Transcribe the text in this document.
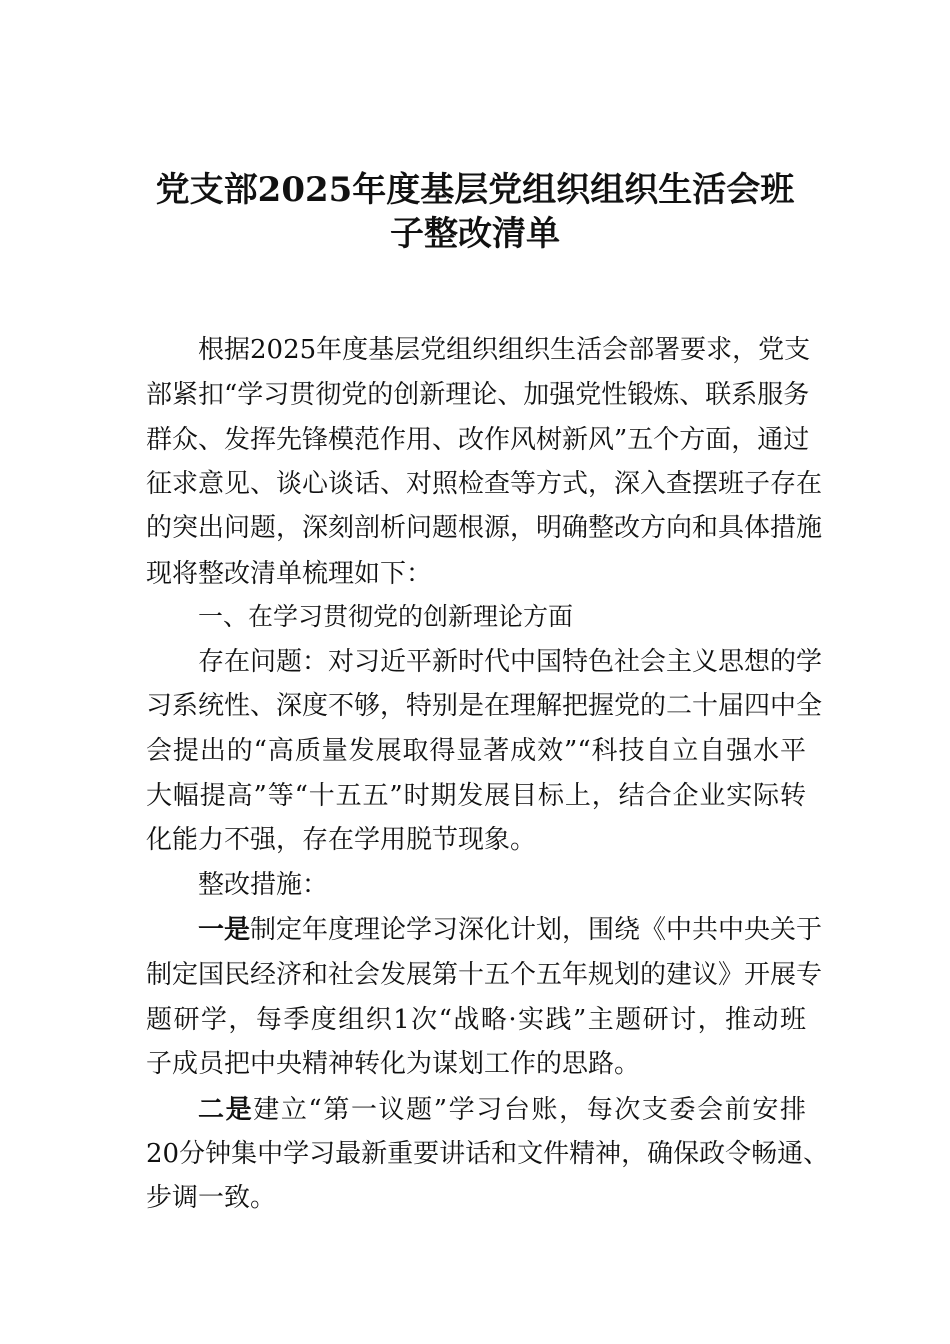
党支部2025年度基层党组织组织生活会班
子整改清单
根据2025年度基层党组织组织生活会部署要求，党支
部紧扣“学习贯彻党的创新理论、加强党性锻炼、联系服务
群众、发挥先锋模范作用、改作风树新风”五个方面，通过
征求意见、谈心谈话、对照检查等方式，深入查摆班子存在
的突出问题，深刻剖析问题根源，明确整改方向和具体措施
现将整改清单梳理如下：
一、在学习贯彻党的创新理论方面
存在问题：对习近平新时代中国特色社会主义思想的学
习系统性、深度不够，特别是在理解把握党的二十届四中全
会提出的“高质量发展取得显著成效”“科技自立自强水平
大幅提高”等“十五五”时期发展目标上，结合企业实际转
化能力不强，存在学用脱节现象。
整改措施：
一是制定年度理论学习深化计划，围绕《中共中央关于
制定国民经济和社会发展第十五个五年规划的建议》开展专
题研学，每季度组织1次“战略·实践”主题研讨，推动班
子成员把中央精神转化为谋划工作的思路。
二是建立“第一议题”学习台账，每次支委会前安排
20分钟集中学习最新重要讲话和文件精神，确保政令畅通、
步调一致。
